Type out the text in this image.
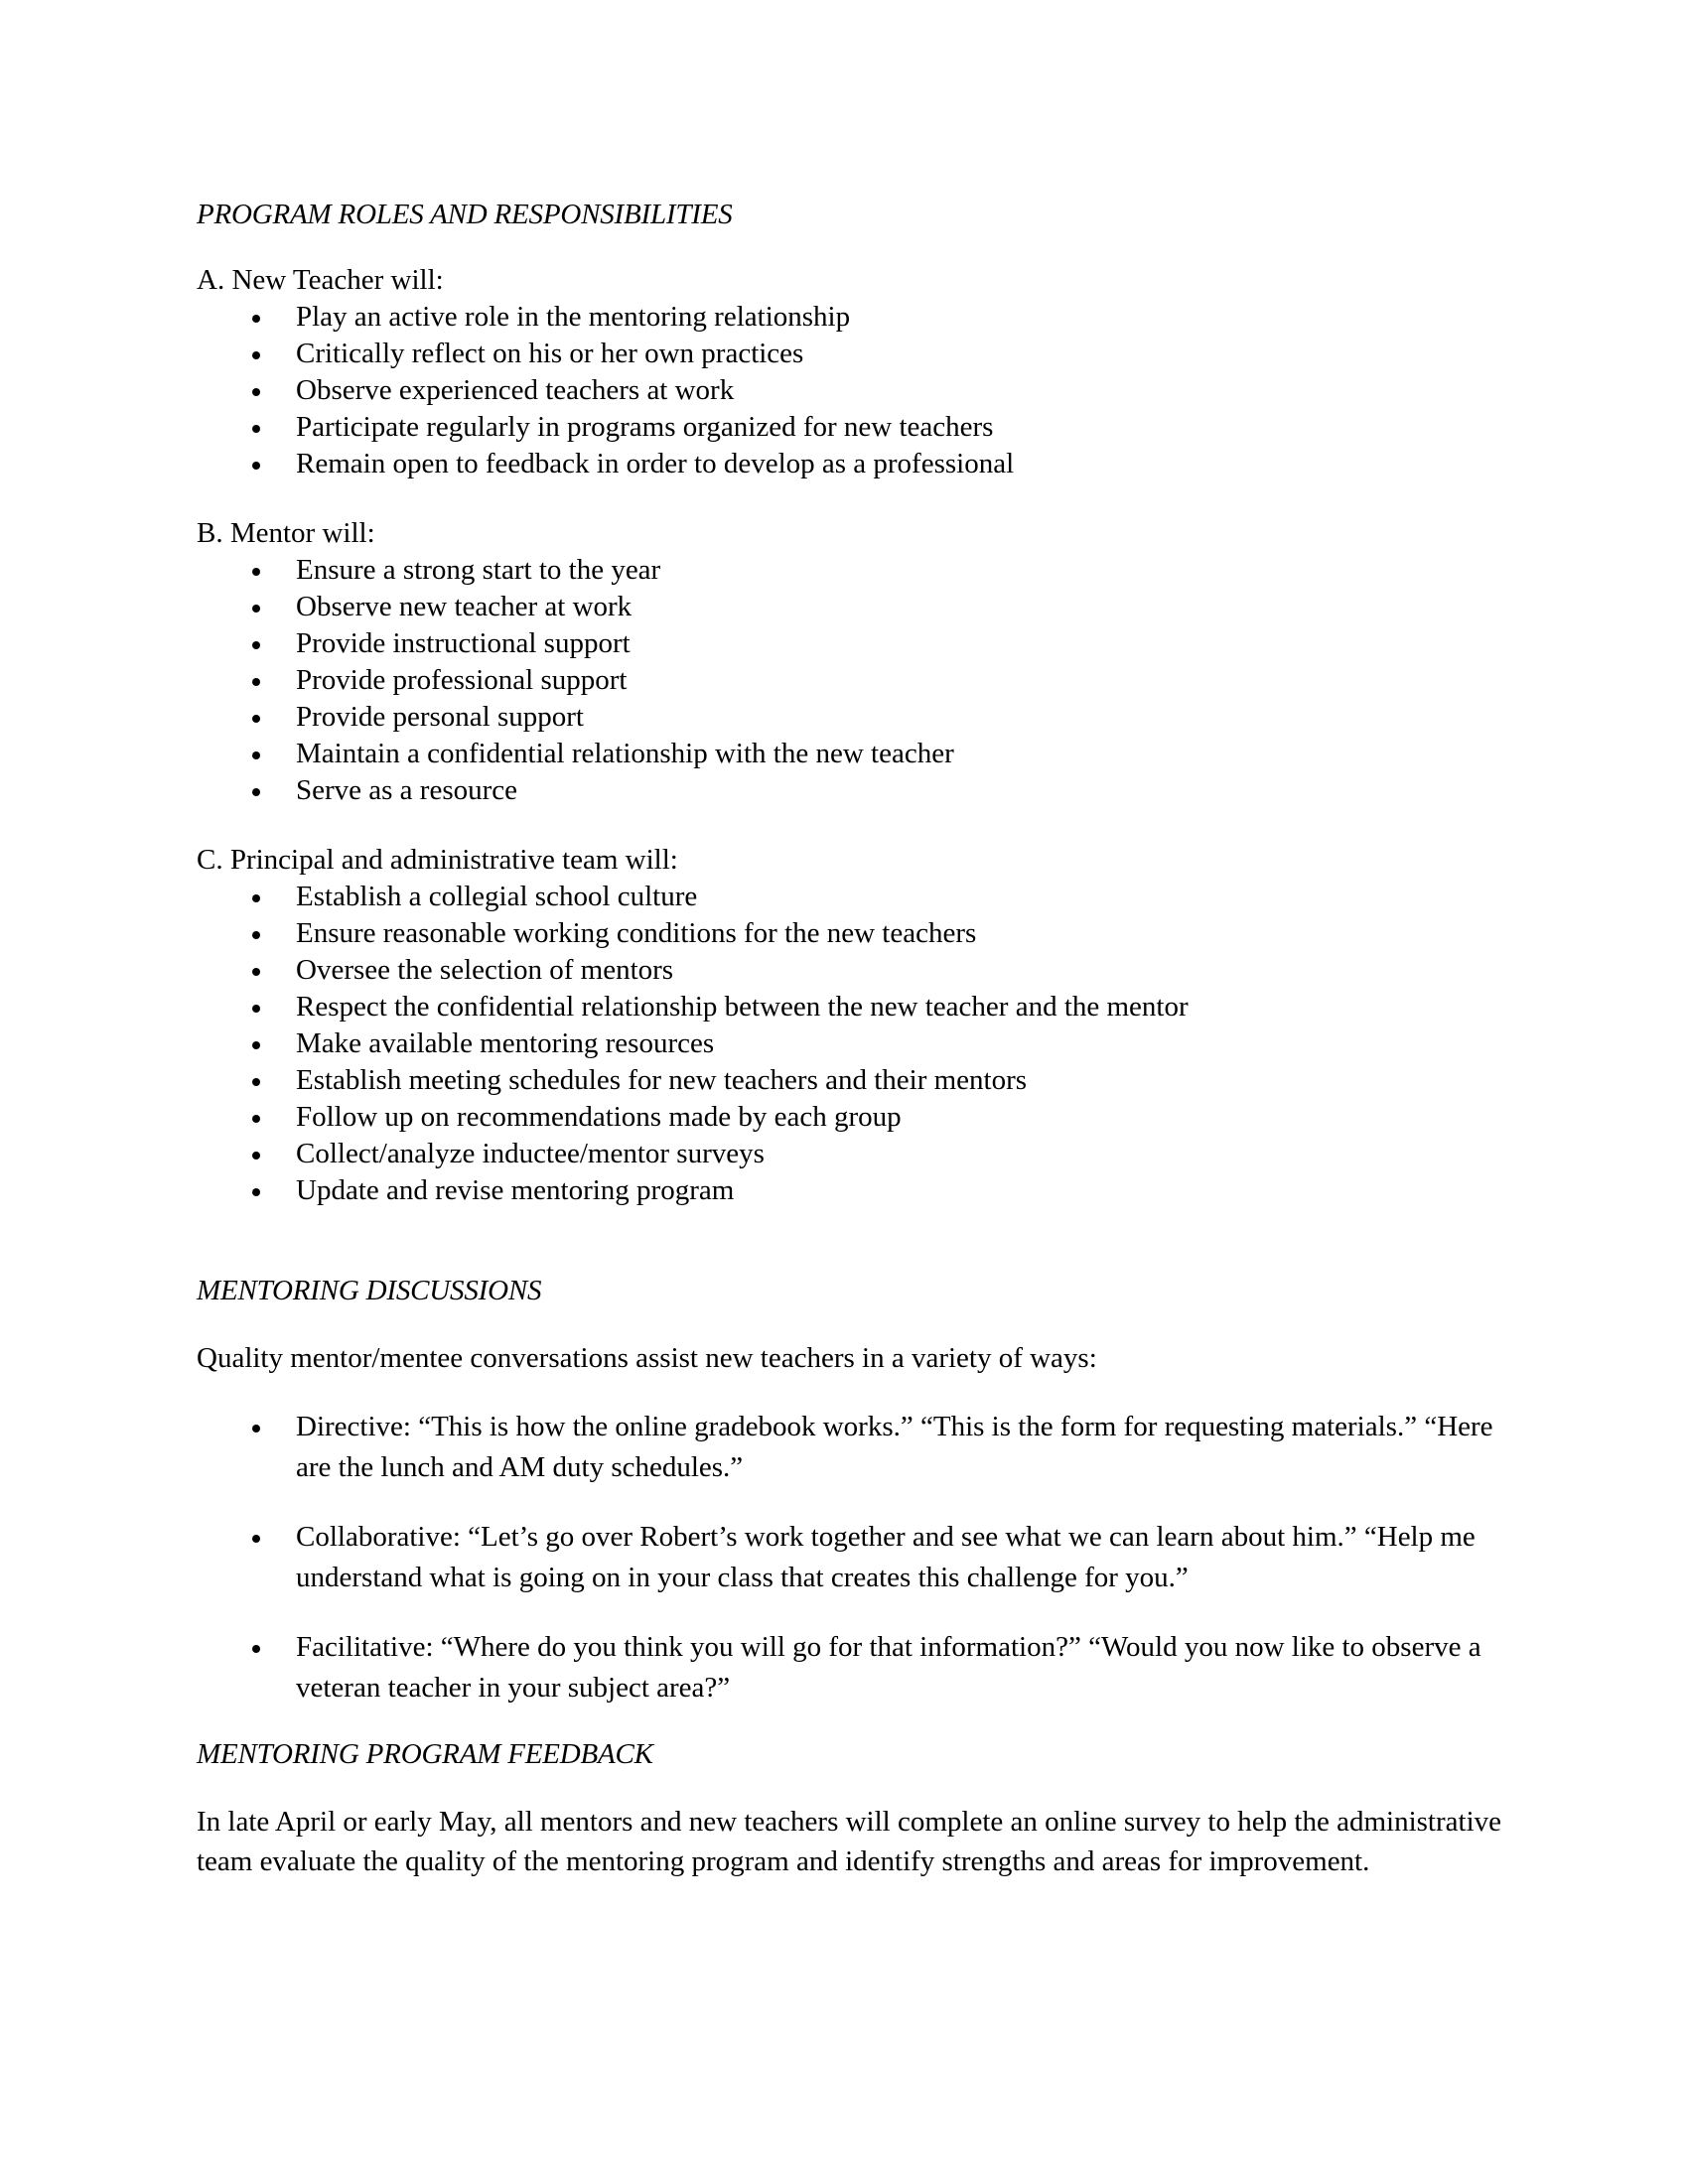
PROGRAM ROLES AND RESPONSIBILITIES

A. New Teacher will:

Play an active role in the mentoring relationship
Critically reflect on his or her own practices
Observe experienced teachers at work
Participate regularly in programs organized for new teachers
Remain open to feedback in order to develop as a professional

B. Mentor will:

Ensure a strong start to the year
Observe new teacher at work
Provide instructional support
Provide professional support
Provide personal support
Maintain a confidential relationship with the new teacher
Serve as a resource

C. Principal and administrative team will:

Establish a collegial school culture
Ensure reasonable working conditions for the new teachers
Oversee the selection of mentors
Respect the confidential relationship between the new teacher and the mentor
Make available mentoring resources
Establish meeting schedules for new teachers and their mentors
Follow up on recommendations made by each group
Collect/analyze inductee/mentor surveys
Update and revise mentoring program

MENTORING DISCUSSIONS

Quality mentor/mentee conversations assist new teachers in a variety of ways:

Directive: “This is how the online gradebook works.” “This is the form for requesting materials.” “Here are the lunch and AM duty schedules.”
Collaborative: “Let’s go over Robert’s work together and see what we can learn about him.” “Help me understand what is going on in your class that creates this challenge for you.”
Facilitative: “Where do you think you will go for that information?” “Would you now like to observe a veteran teacher in your subject area?”

MENTORING PROGRAM FEEDBACK

In late April or early May, all mentors and new teachers will complete an online survey to help the administrative team evaluate the quality of the mentoring program and identify strengths and areas for improvement.
